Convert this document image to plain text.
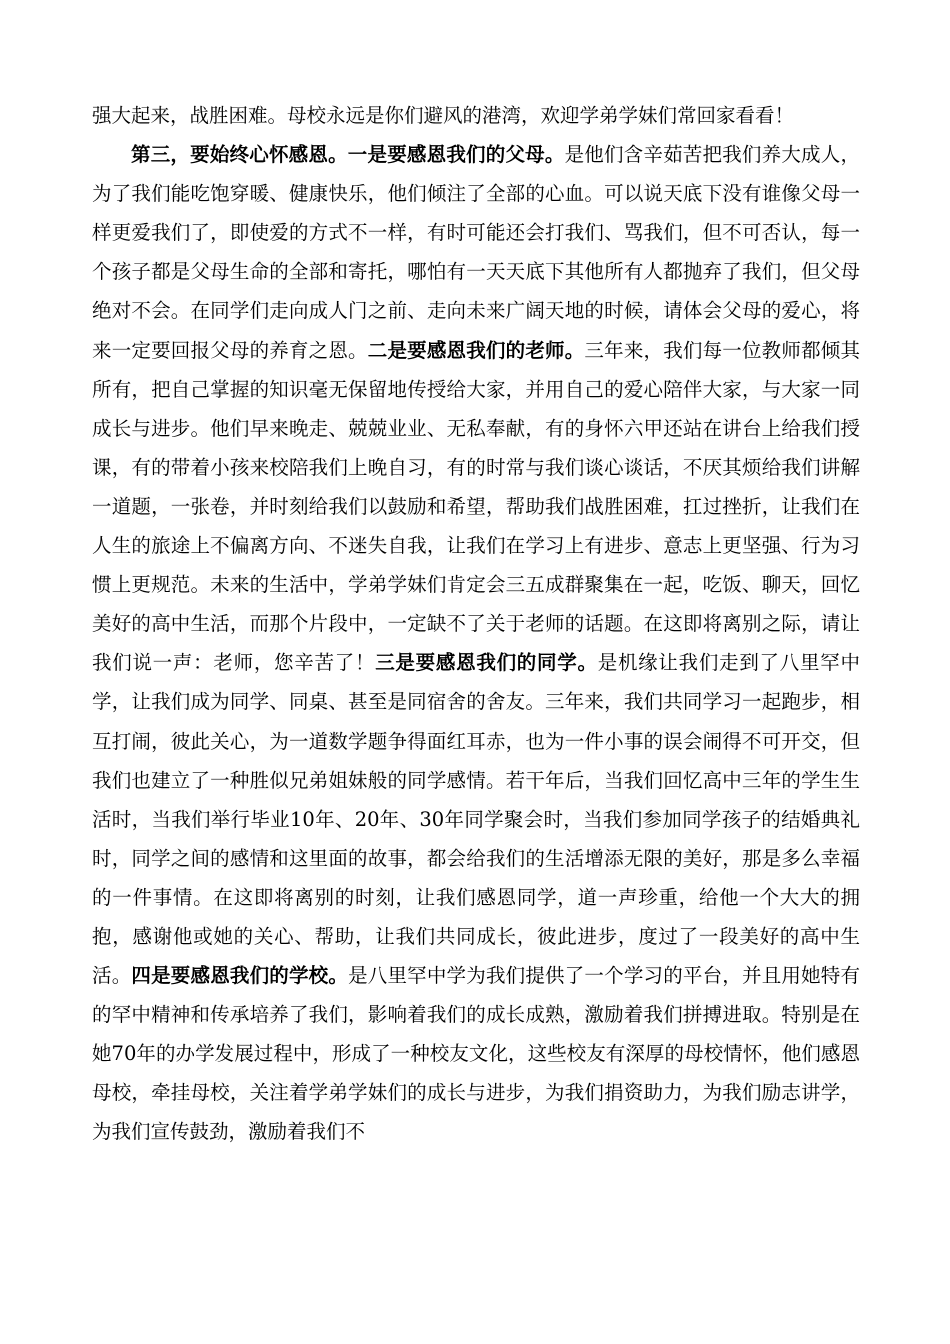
强大起来，战胜困难。母校永远是你们避风的港湾，欢迎学弟学妹们常回家看看！

第三，要始终心怀感恩。一是要感恩我们的父母。是他们含辛茹苦把我们养大成人，为了我们能吃饱穿暖、健康快乐，他们倾注了全部的心血。可以说天底下没有谁像父母一样更爱我们了，即使爱的方式不一样，有时可能还会打我们、骂我们，但不可否认，每一个孩子都是父母生命的全部和寄托，哪怕有一天天底下其他所有人都抛弃了我们，但父母绝对不会。在同学们走向成人门之前、走向未来广阔天地的时候，请体会父母的爱心，将来一定要回报父母的养育之恩。二是要感恩我们的老师。三年来，我们每一位教师都倾其所有，把自己掌握的知识毫无保留地传授给大家，并用自己的爱心陪伴大家，与大家一同成长与进步。他们早来晚走、兢兢业业、无私奉献，有的身怀六甲还站在讲台上给我们授课，有的带着小孩来校陪我们上晚自习，有的时常与我们谈心谈话，不厌其烦给我们讲解一道题，一张卷，并时刻给我们以鼓励和希望，帮助我们战胜困难，扛过挫折，让我们在人生的旅途上不偏离方向、不迷失自我，让我们在学习上有进步、意志上更坚强、行为习惯上更规范。未来的生活中，学弟学妹们肯定会三五成群聚集在一起，吃饭、聊天，回忆美好的高中生活，而那个片段中，一定缺不了关于老师的话题。在这即将离别之际，请让我们说一声：老师，您辛苦了！三是要感恩我们的同学。是机缘让我们走到了八里罕中学，让我们成为同学、同桌、甚至是同宿舍的舍友。三年来，我们共同学习一起跑步，相互打闹，彼此关心，为一道数学题争得面红耳赤，也为一件小事的误会闹得不可开交，但我们也建立了一种胜似兄弟姐妹般的同学感情。若干年后，当我们回忆高中三年的学生生活时，当我们举行毕业10年、20年、30年同学聚会时，当我们参加同学孩子的结婚典礼时，同学之间的感情和这里面的故事，都会给我们的生活增添无限的美好，那是多么幸福的一件事情。在这即将离别的时刻，让我们感恩同学，道一声珍重，给他一个大大的拥抱，感谢他或她的关心、帮助，让我们共同成长，彼此进步，度过了一段美好的高中生活。四是要感恩我们的学校。是八里罕中学为我们提供了一个学习的平台，并且用她特有的罕中精神和传承培养了我们，影响着我们的成长成熟，激励着我们拼搏进取。特别是在她70年的办学发展过程中，形成了一种校友文化，这些校友有深厚的母校情怀，他们感恩母校，牵挂母校，关注着学弟学妹们的成长与进步，为我们捐资助力，为我们励志讲学，为我们宣传鼓劲，激励着我们不
